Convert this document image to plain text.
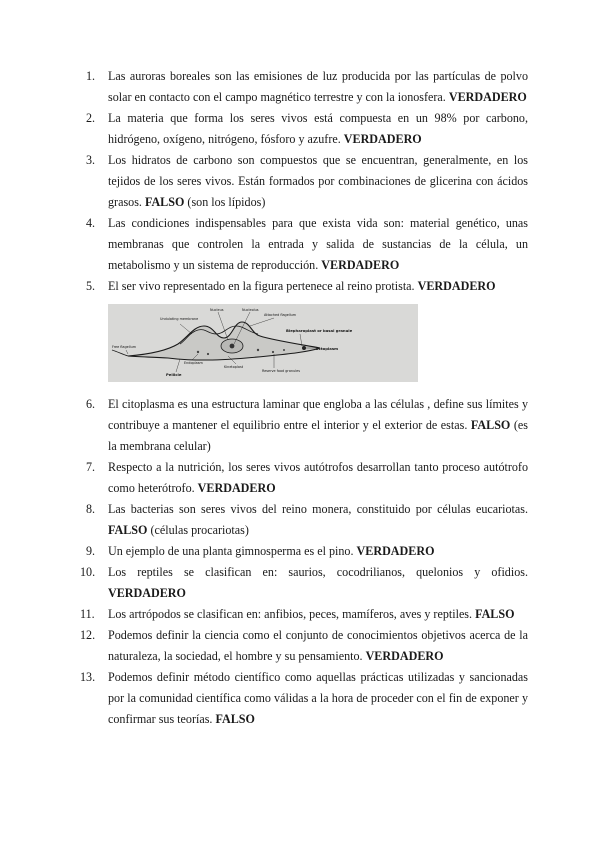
1.	Las auroras boreales son las emisiones de luz producida por las partículas de polvo solar en contacto con el campo magnético terrestre y con la ionosfera. VERDADERO
2.	La materia que forma los seres vivos está compuesta en un 98% por carbono, hidrógeno, oxígeno, nitrógeno, fósforo y azufre. VERDADERO
3.	Los hidratos de carbono son compuestos que se encuentran, generalmente, en los tejidos de los seres vivos. Están formados por combinaciones de glicerina con ácidos grasos. FALSO (son los lípidos)
4.	Las condiciones indispensables para que exista vida son: material genético, unas membranas que controlen la entrada y salida de sustancias de la célula, un metabolismo y un sistema de reproducción. VERDADERO
5.	El ser vivo representado en la figura pertenece al reino protista. VERDADERO
Nucleus	Nucleolus
Attached flagellum
Undulating membrane
Blepharoplast or basal granule
Ectoplasm
Free flagellum
Endoplasm
Pellicle
Kinetoplast
Reserve food granules
6.	El citoplasma es una estructura laminar que engloba a las células , define sus límites y contribuye a mantener el equilibrio entre el interior y el exterior de estas. FALSO (es la membrana celular)
7.	Respecto a la nutrición, los seres vivos autótrofos desarrollan tanto proceso autótrofo como heterótrofo. VERDADERO
8.	Las bacterias son seres vivos del reino monera, constituido por células eucariotas. FALSO (células procariotas)
9.	Un ejemplo de una planta gimnosperma es el pino. VERDADERO
10.	Los reptiles se clasifican en: saurios, cocodrilianos, quelonios y ofidios. VERDADERO
11.	Los artrópodos se clasifican en: anfibios, peces, mamíferos, aves y reptiles. FALSO
12.	Podemos definir la ciencia como el conjunto de conocimientos objetivos acerca de la naturaleza, la sociedad, el hombre y su pensamiento. VERDADERO
13.	Podemos definir método científico como aquellas prácticas utilizadas y sancionadas por la comunidad científica como válidas a la hora de proceder con el fin de exponer y confirmar sus teorías. FALSO
